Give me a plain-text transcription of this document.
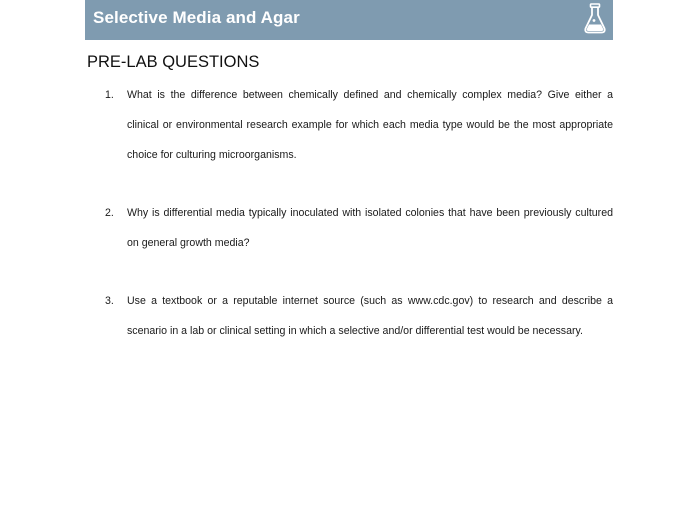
Selective Media and Agar
PRE-LAB QUESTIONS
1.	What is the difference between chemically defined and chemically complex media? Give either a clinical or environmental research example for which each media type would be the most appropriate choice for culturing microorganisms.
2.	Why is differential media typically inoculated with isolated colonies that have been previously cultured on general growth media?
3.	Use a textbook or a reputable internet source (such as www.cdc.gov) to research and describe a scenario in a lab or clinical setting in which a selective and/or differential test would be necessary.
